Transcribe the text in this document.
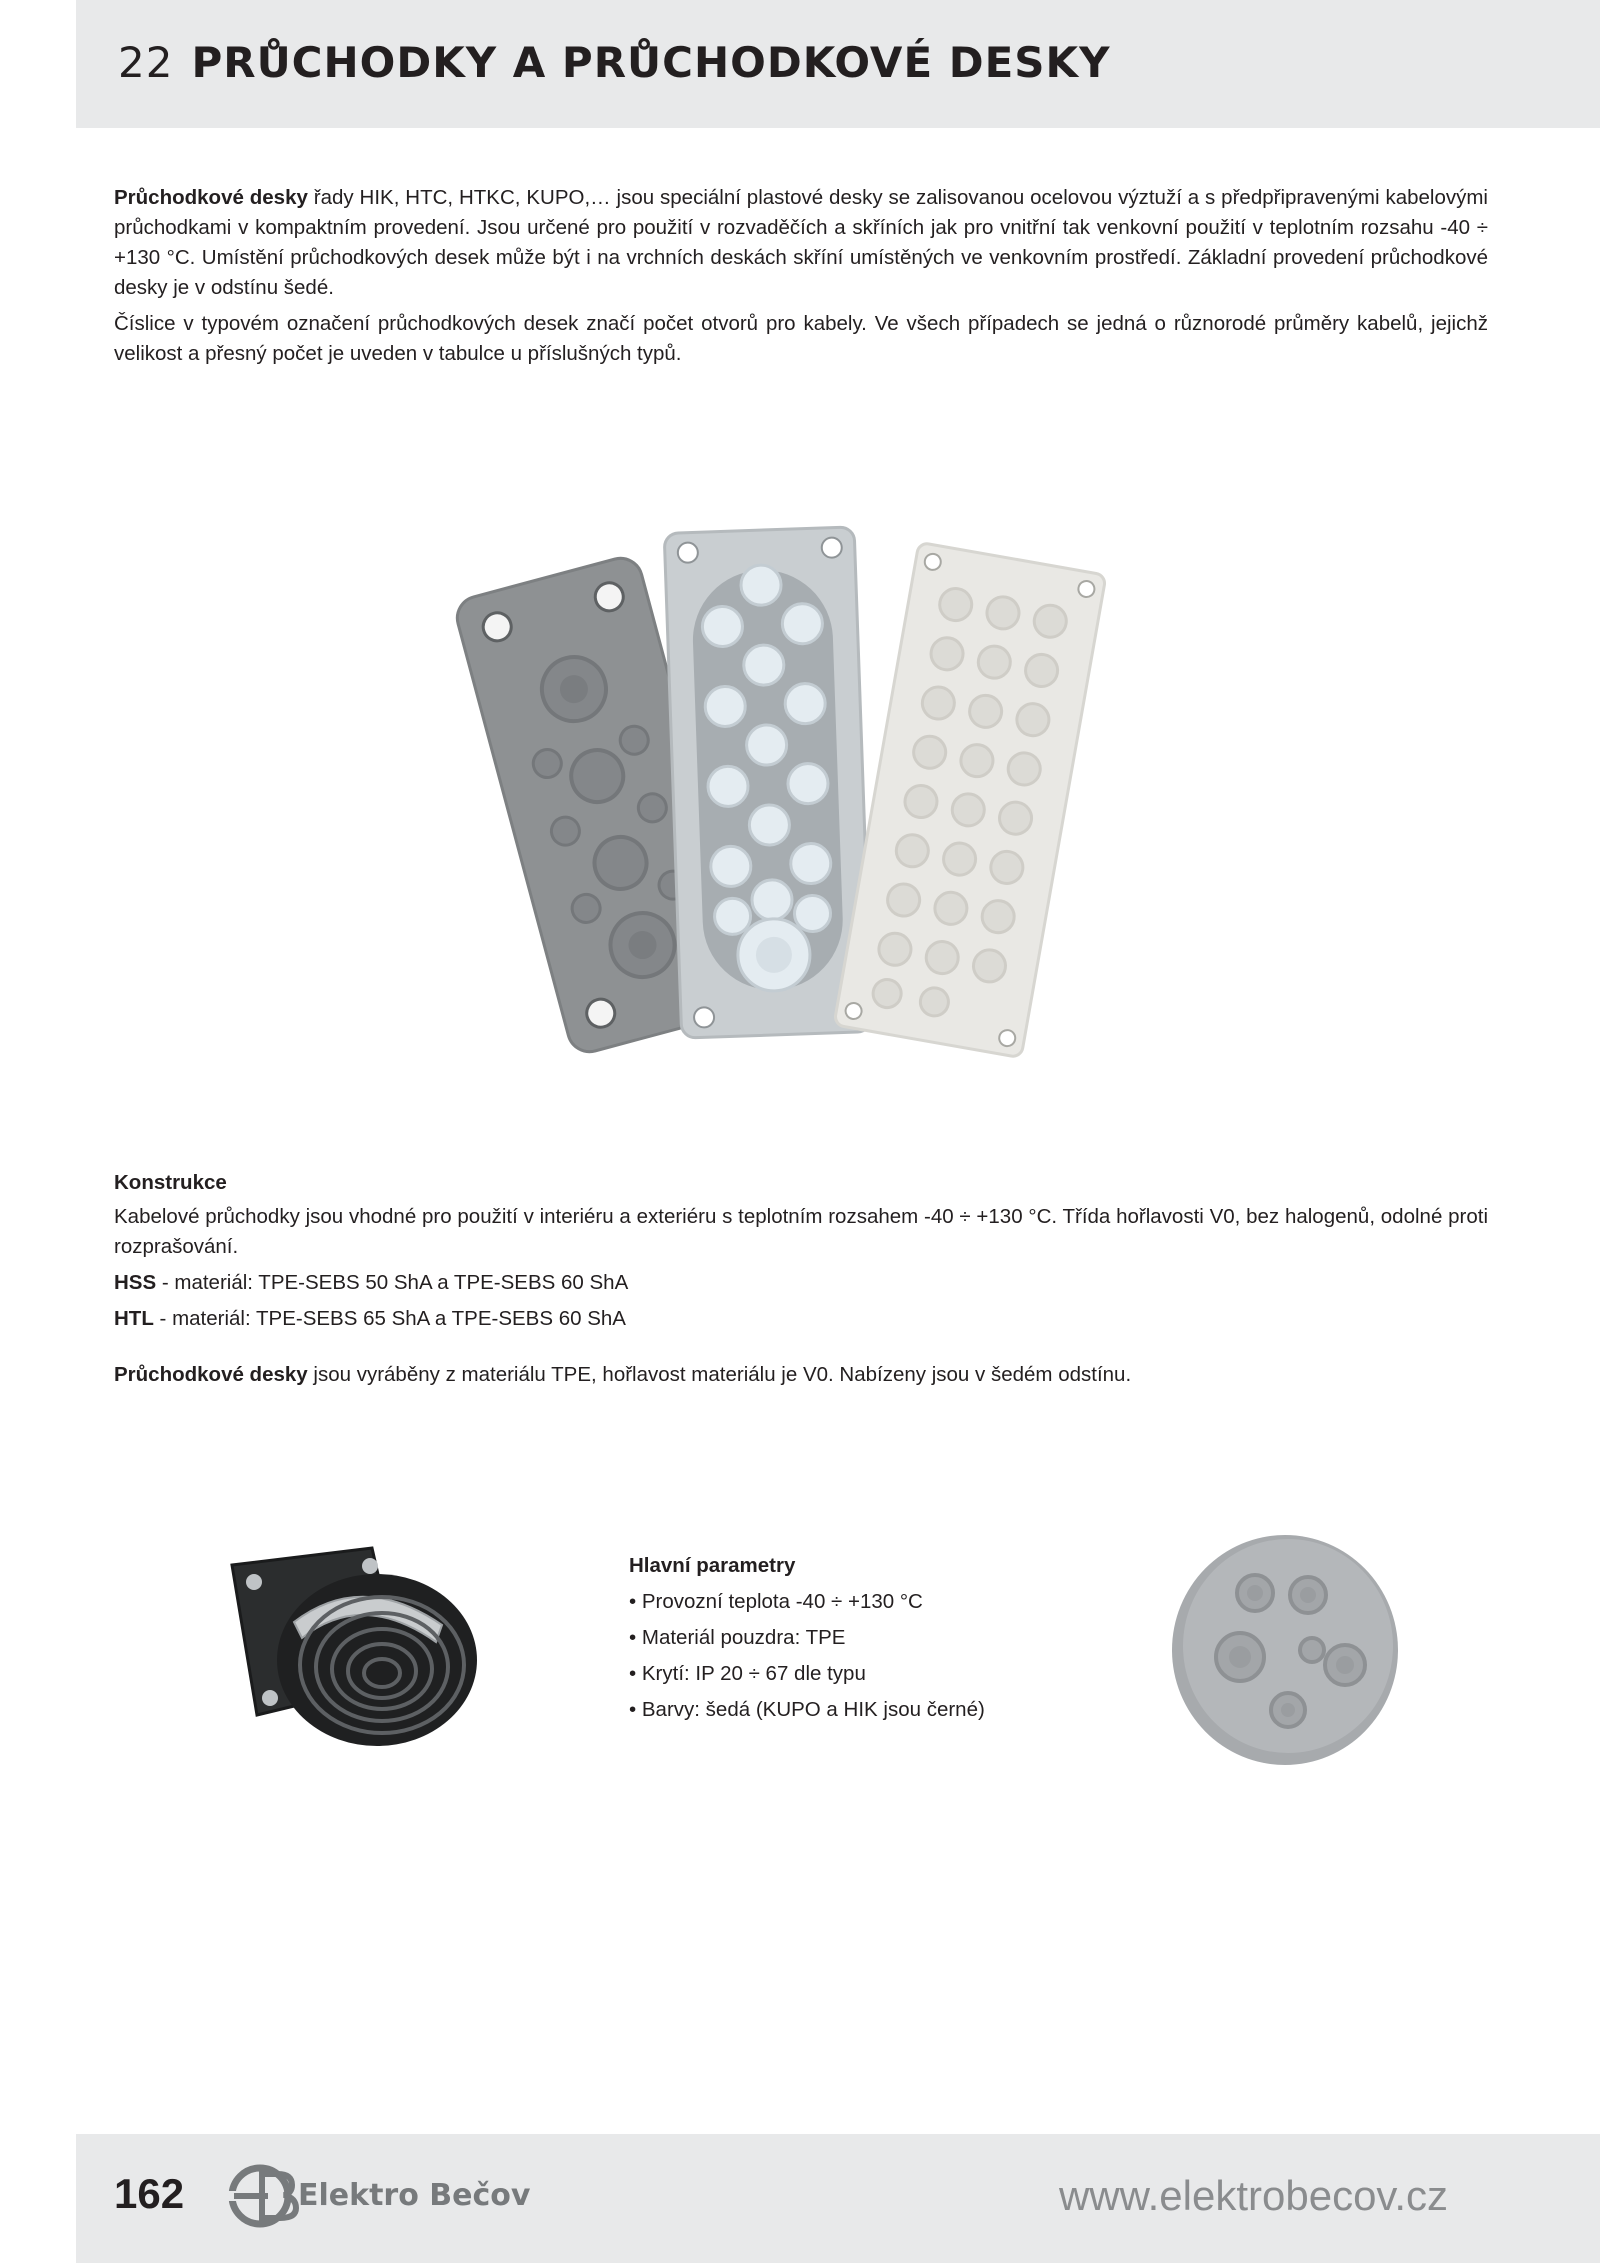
22 PRŮCHODKY A PRŮCHODKOVÉ DESKY

Průchodkové desky řady HIK, HTC, HTKC, KUPO,… jsou speciální plastové desky se zalisovanou ocelovou výztuží a s předpřipravenými kabelovými průchodkami v kompaktním provedení. Jsou určené pro použití v rozvaděčích a skříních jak pro vnitřní tak venkovní použití v teplotním rozsahu -40 ÷ +130 °C. Umístění průchodkových desek může být i na vrchních deskách skříní umístěných ve venkovním prostředí. Základní provedení průchodkové desky je v odstínu šedé.

Číslice v typovém označení průchodkových desek značí počet otvorů pro kabely. Ve všech případech se jedná o různorodé průměry kabelů, jejichž velikost a přesný počet je uveden v tabulce u příslušných typů.

Konstrukce

Kabelové průchodky jsou vhodné pro použití v interiéru a exteriéru s teplotním rozsahem -40 ÷ +130 °C. Třída hořlavosti V0, bez halogenů, odolné proti rozprašování.

HSS - materiál: TPE-SEBS 50 ShA a TPE-SEBS 60 ShA

HTL - materiál: TPE-SEBS 65 ShA a TPE-SEBS 60 ShA

Průchodkové desky jsou vyráběny z materiálu TPE, hořlavost materiálu je V0. Nabízeny jsou v šedém odstínu.

Hlavní parametry

• Provozní teplota -40 ÷ +130 °C
• Materiál pouzdra: TPE
• Krytí: IP 20 ÷ 67 dle typu
• Barvy: šedá (KUPO a HIK jsou černé)

162	Elektro Bečov	www.elektrobecov.cz
